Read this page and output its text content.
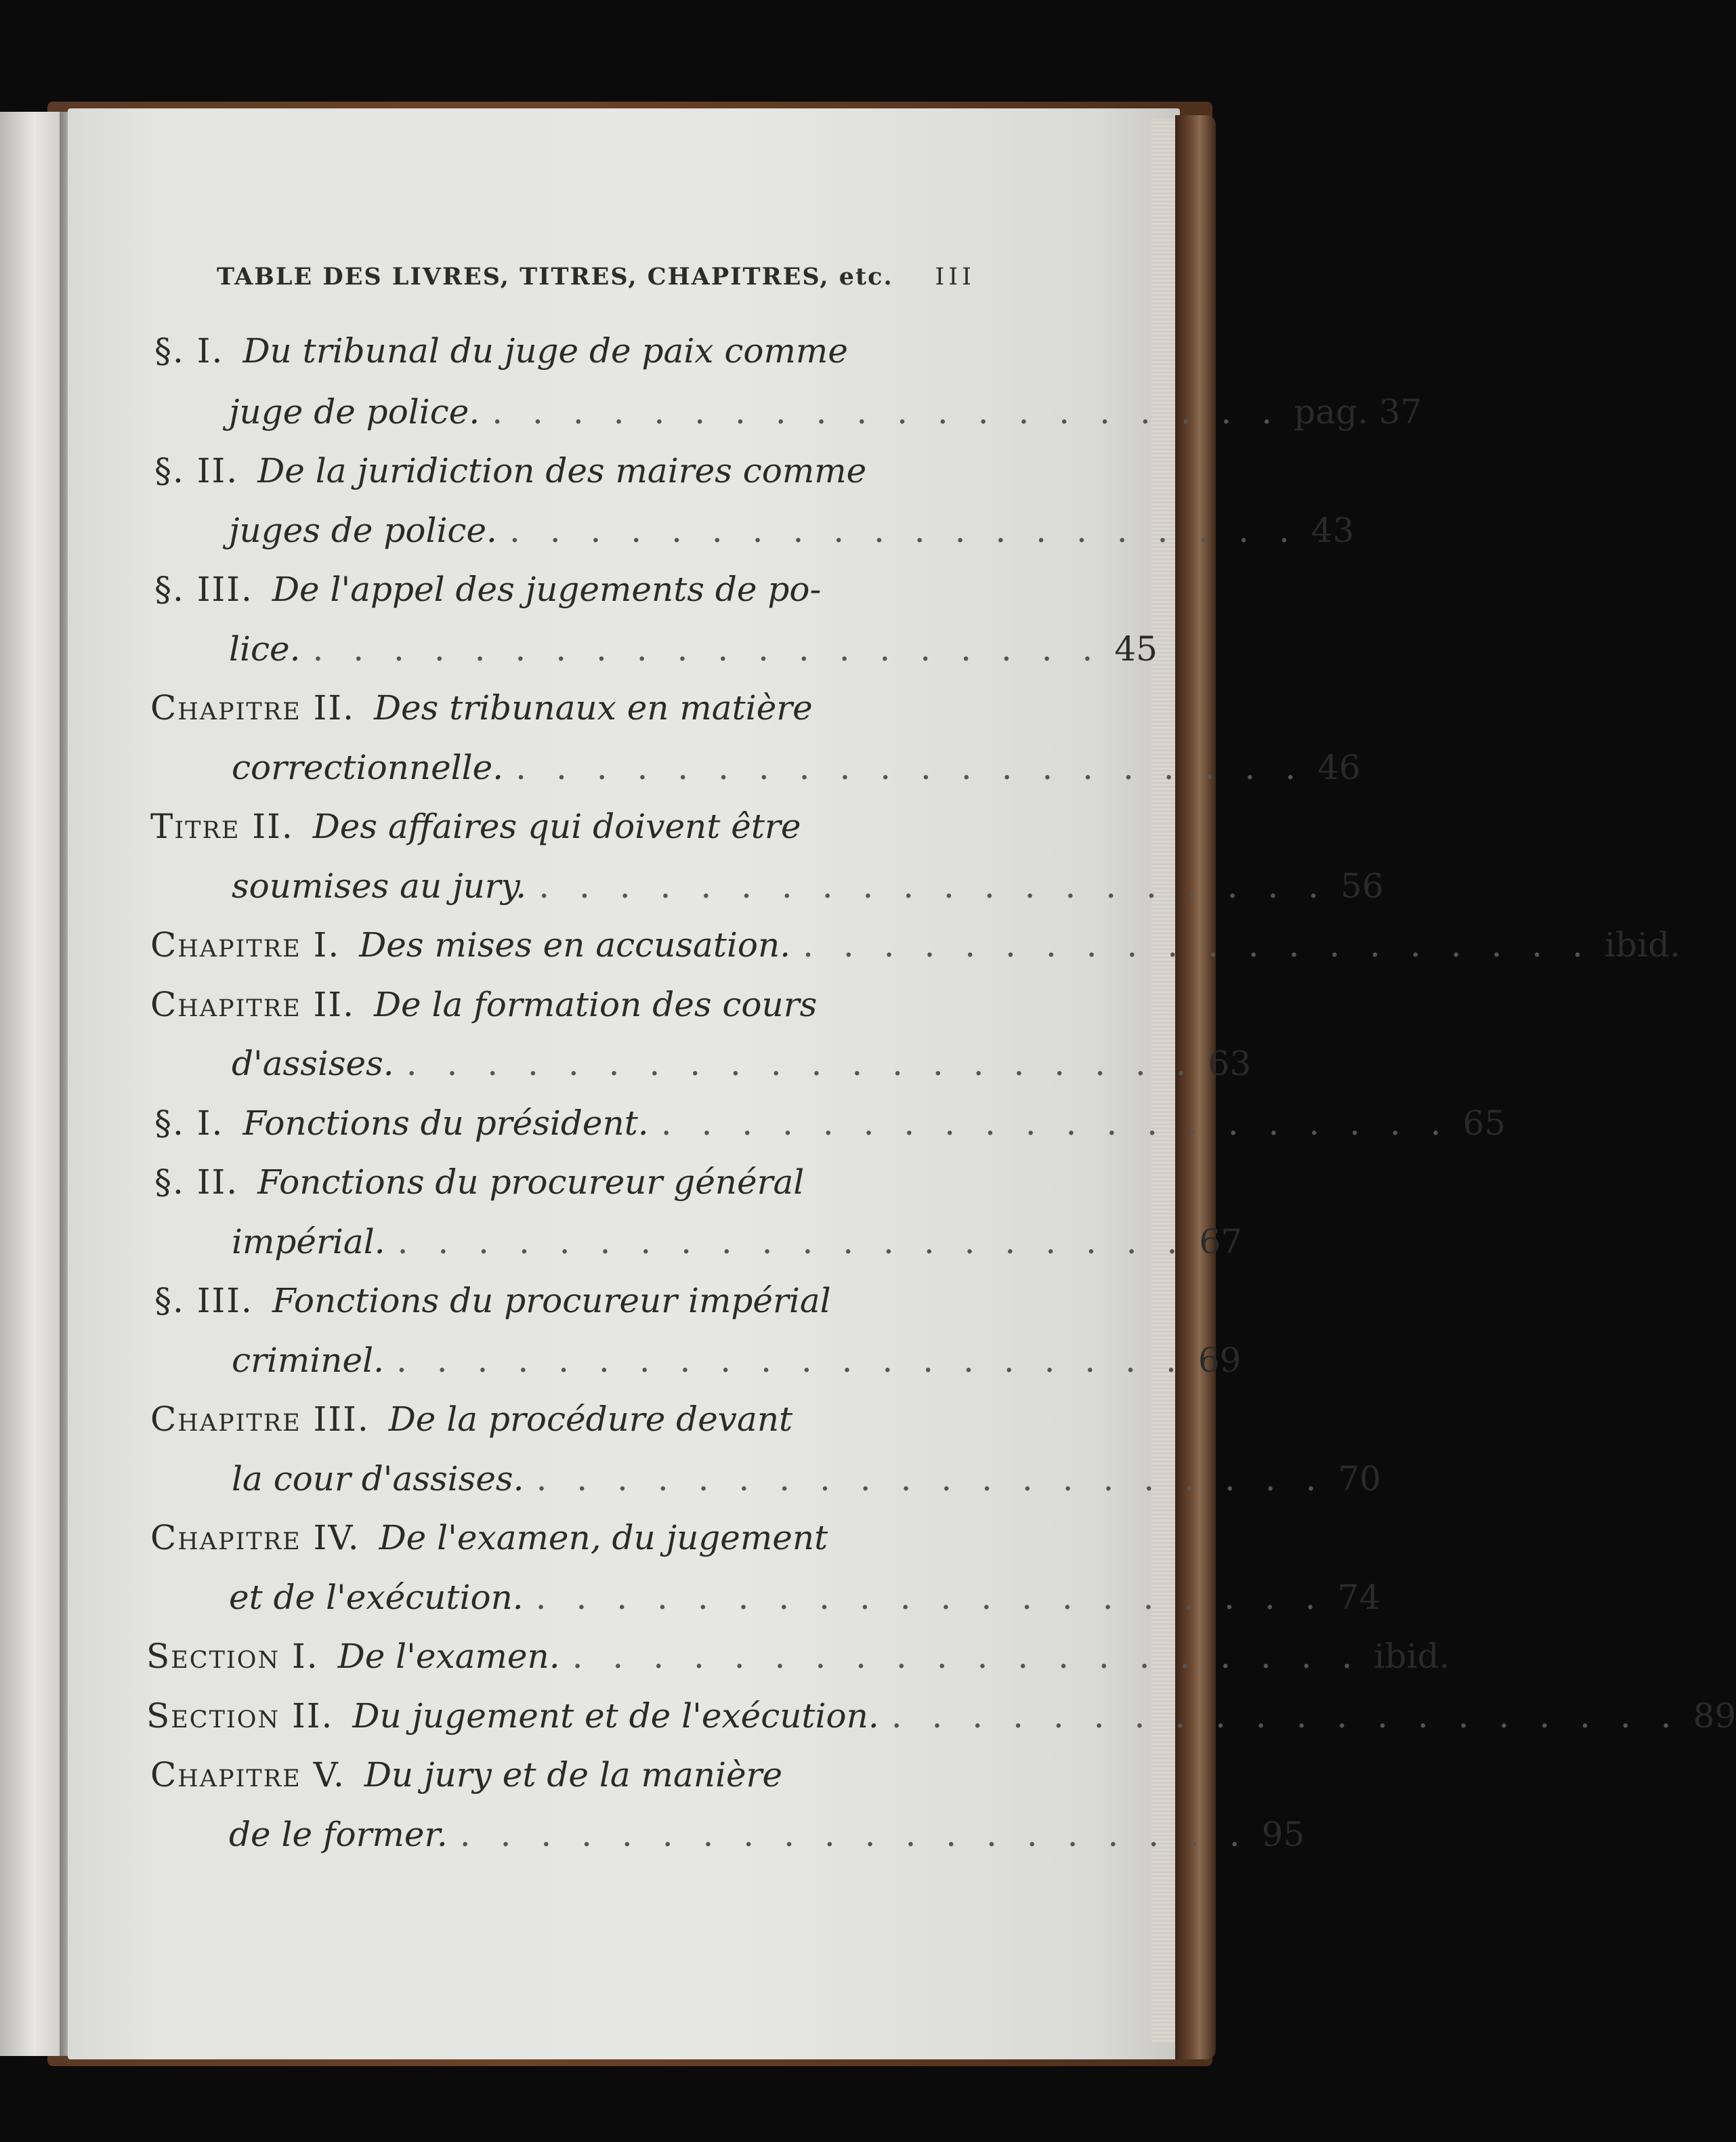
TABLE DES LIVRES, TITRES, CHAPITRES, etc. III
§. I. Du tribunal du juge de paix comme
juge de police. . . . . . . . . . . . . . . . . . . . . pag. 37
§. II. De la juridiction des maires comme
juges de police. . . . . . . . . . . . . . . . . . . . . 43
§. III. De l'appel des jugements de po-
lice. . . . . . . . . . . . . . . . . . . . . 45
Chapitre II. Des tribunaux en matière
correctionnelle. . . . . . . . . . . . . . . . . . . . . 46
Titre II. Des affaires qui doivent être
soumises au jury. . . . . . . . . . . . . . . . . . . . . 56
Chapitre I. Des mises en accusation. . . . . . . . . . . . . . . . . . . . . ibid.
Chapitre II. De la formation des cours
d'assises. . . . . . . . . . . . . . . . . . . . . 63
§. I. Fonctions du président. . . . . . . . . . . . . . . . . . . . . 65
§. II. Fonctions du procureur général
impérial. . . . . . . . . . . . . . . . . . . . . 67
§. III. Fonctions du procureur impérial
criminel. . . . . . . . . . . . . . . . . . . . . 69
Chapitre III. De la procédure devant
la cour d'assises. . . . . . . . . . . . . . . . . . . . . 70
Chapitre IV. De l'examen, du jugement
et de l'exécution. . . . . . . . . . . . . . . . . . . . . 74
Section I. De l'examen. . . . . . . . . . . . . . . . . . . . . ibid.
Section II. Du jugement et de l'exécution. . . . . . . . . . . . . . . . . . . . . 89
Chapitre V. Du jury et de la manière
de le former. . . . . . . . . . . . . . . . . . . . . 95
